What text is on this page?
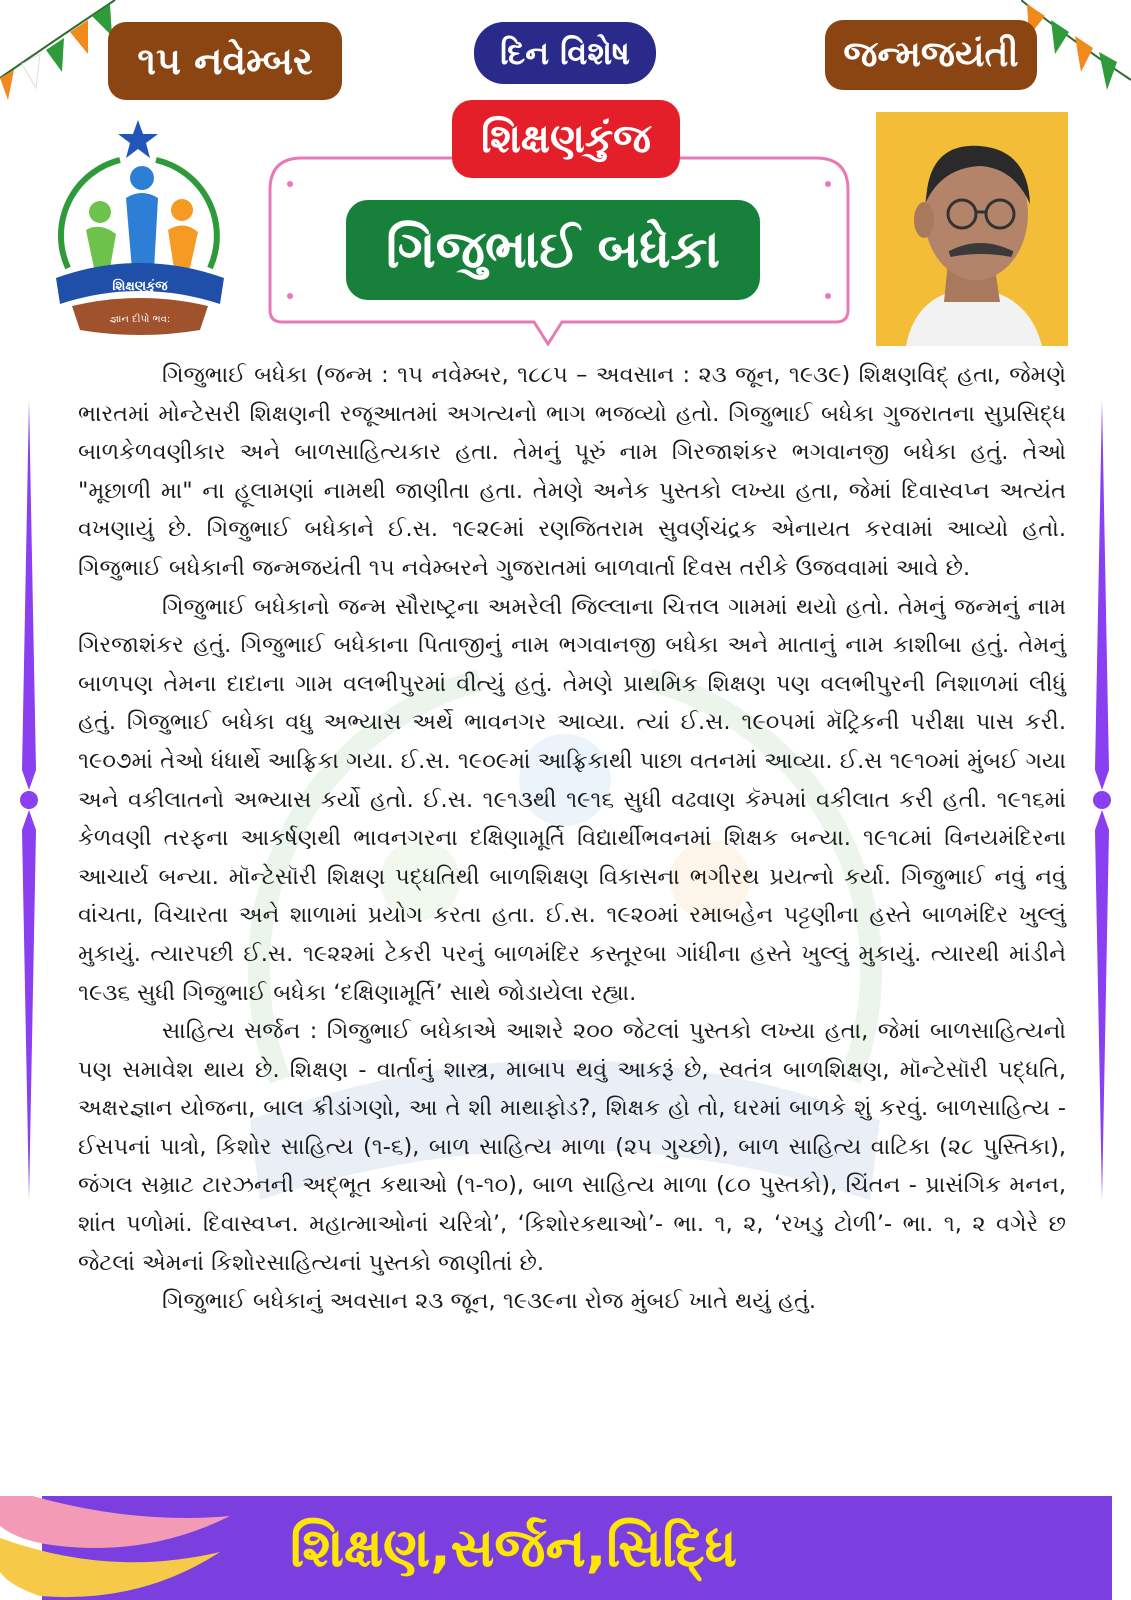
૧૫ નવેમ્બર	દિન વિશેષ	જન્મજયંતી
શિક્ષણકુંજ
ગિજુભાઈ બધેકા
શિક્ષણકુંજ
જ્ઞાન દીપો ભવ:

ગિજુભાઈ બધેકા (જન્મ : ૧૫ નવેમ્બર, ૧૮૮૫ – અવસાન : ૨૩ જૂન, ૧૯૩૯) શિક્ષણવિદ્ હતા, જેમણે ભારતમાં મોન્ટેસરી શિક્ષણની રજૂઆતમાં અગત્યનો ભાગ ભજવ્યો હતો. ગિજુભાઈ બધેકા ગુજરાતના સુપ્રસિદ્ધ બાળકેળવણીકાર અને બાળસાહિત્યકાર હતા. તેમનું પૂરું નામ ગિરજાશંકર ભગવાનજી બધેકા હતું. તેઓ "મૂછાળી મા" ના હૂલામણાં નામથી જાણીતા હતા. તેમણે અનેક પુસ્તકો લખ્યા હતા, જેમાં દિવાસ્વપ્ન અત્યંત વખણાયું છે. ગિજુભાઈ બધેકાને ઈ.સ. ૧૯૨૯માં રણજિતરામ સુવર્ણચંદ્રક એનાયત કરવામાં આવ્યો હતો. ગિજુભાઈ બધેકાની જન્મજયંતી ૧૫ નવેમ્બરને ગુજરાતમાં બાળવાર્તા દિવસ તરીકે ઉજવવામાં આવે છે.

ગિજુભાઈ બધેકાનો જન્મ સૌરાષ્ટ્રના અમરેલી જિલ્લાના ચિત્તલ ગામમાં થયો હતો. તેમનું જન્મનું નામ ગિરજાશંકર હતું. ગિજુભાઈ બધેકાના પિતાજીનું નામ ભગવાનજી બધેકા અને માતાનું નામ કાશીબા હતું. તેમનું બાળપણ તેમના દાદાના ગામ વલભીપુરમાં વીત્યું હતું. તેમણે પ્રાથમિક શિક્ષણ પણ વલભીપુરની નિશાળમાં લીધું હતું. ગિજુભાઈ બધેકા વધુ અભ્યાસ અર્થે ભાવનગર આવ્યા. ત્યાં ઈ.સ. ૧૯૦૫માં મૅટ્રિકની પરીક્ષા પાસ કરી. ૧૯૦૭માં તેઓ ધંધાર્થે આફ્રિકા ગયા. ઈ.સ. ૧૯૦૯માં આફ્રિકાથી પાછા વતનમાં આવ્યા. ઈ.સ ૧૯૧૦માં મુંબઈ ગયા અને વકીલાતનો અભ્યાસ કર્યો હતો. ઈ.સ. ૧૯૧૩થી ૧૯૧૬ સુધી વઢવાણ કૅમ્પમાં વકીલાત કરી હતી. ૧૯૧૬માં કેળવણી તરફના આકર્ષણથી ભાવનગરના દક્ષિણામૂર્તિ વિદ્યાર્થીભવનમાં શિક્ષક બન્યા. ૧૯૧૮માં વિનયમંદિરના આચાર્ય બન્યા. મૉન્ટેસૉરી શિક્ષણ પદ્ધતિથી બાળશિક્ષણ વિકાસના ભગીરથ પ્રયત્નો કર્યા. ગિજુભાઈ નવું નવું વાંચતા, વિચારતા અને શાળામાં પ્રયોગ કરતા હતા. ઈ.સ. ૧૯૨૦માં રમાબહેન પટ્ટણીના હસ્તે બાળમંદિર ખુલ્લું મુકાયું. ત્યારપછી ઈ.સ. ૧૯૨૨માં ટેકરી પરનું બાળમંદિર કસ્તૂરબા ગાંધીના હસ્તે ખુલ્લું મુકાયું. ત્યારથી માંડીને ૧૯૩૬ સુધી ગિજુભાઈ બધેકા ‘દક્ષિણામૂર્તિ’ સાથે જોડાયેલા રહ્યા.

સાહિત્ય સર્જન : ગિજુભાઈ બધેકાએ આશરે ૨૦૦ જેટલાં પુસ્તકો લખ્યા હતા, જેમાં બાળસાહિત્યનો પણ સમાવેશ થાય છે. શિક્ષણ - વાર્તાનું શાસ્ત્ર, માબાપ થવું આકરૂં છે, સ્વતંત્ર બાળશિક્ષણ, મૉન્ટેસૉરી પદ્ધતિ, અક્ષરજ્ઞાન યોજના, બાલ ક્રીડાંગણો, આ તે શી માથાફોડ?, શિક્ષક હો તો, ઘરમાં બાળકે શું કરવું. બાળસાહિત્ય - ઈસપનાં પાત્રો, કિશોર સાહિત્ય (૧-૬), બાળ સાહિત્ય માળા (૨૫ ગુચ્છો), બાળ સાહિત્ય વાટિકા (૨૮ પુસ્તિકા), જંગલ સમ્રાટ ટારઝનની અદ્ભૂત કથાઓ (૧-૧૦), બાળ સાહિત્ય માળા (૮૦ પુસ્તકો), ચિંતન - પ્રાસંગિક મનન, શાંત પળોમાં. દિવાસ્વપ્ન. મહાત્માઓનાં ચરિત્રો’, ‘કિશોરકથાઓ’- ભા. ૧, ૨, ‘રખડુ ટોળી’- ભા. ૧, ૨ વગેરે છ જેટલાં એમનાં કિશોરસાહિત્યનાં પુસ્તકો જાણીતાં છે.

ગિજુભાઈ બધેકાનું અવસાન ૨૩ જૂન, ૧૯૩૯ના રોજ મુંબઈ ખાતે થયું હતું.

શિક્ષણ,સર્જન,સિદ્ધિ
